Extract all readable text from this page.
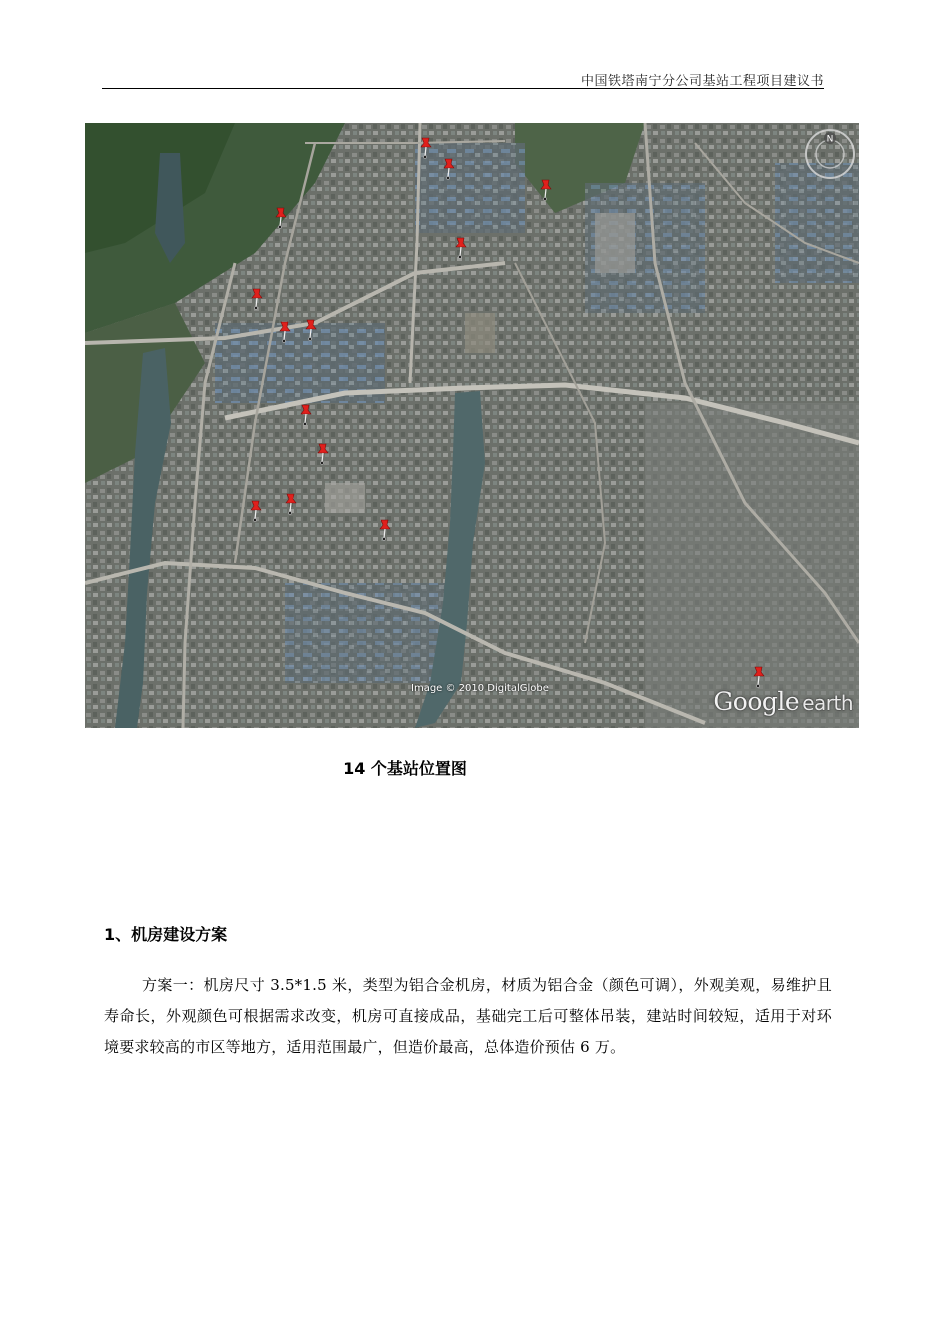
中国铁塔南宁分公司基站工程项目建议书
N
Image © 2010 DigitalGlobe	Google earth
14 个基站位置图
1、机房建设方案
方案一：机房尺寸 3.5*1.5 米，类型为铝合金机房，材质为铝合金（颜色可调），外观美观，易维护且寿命长，外观颜色可根据需求改变，机房可直接成品，基础完工后可整体吊装，建站时间较短，适用于对环境要求较高的市区等地方，适用范围最广，但造价最高，总体造价预估 6 万。
